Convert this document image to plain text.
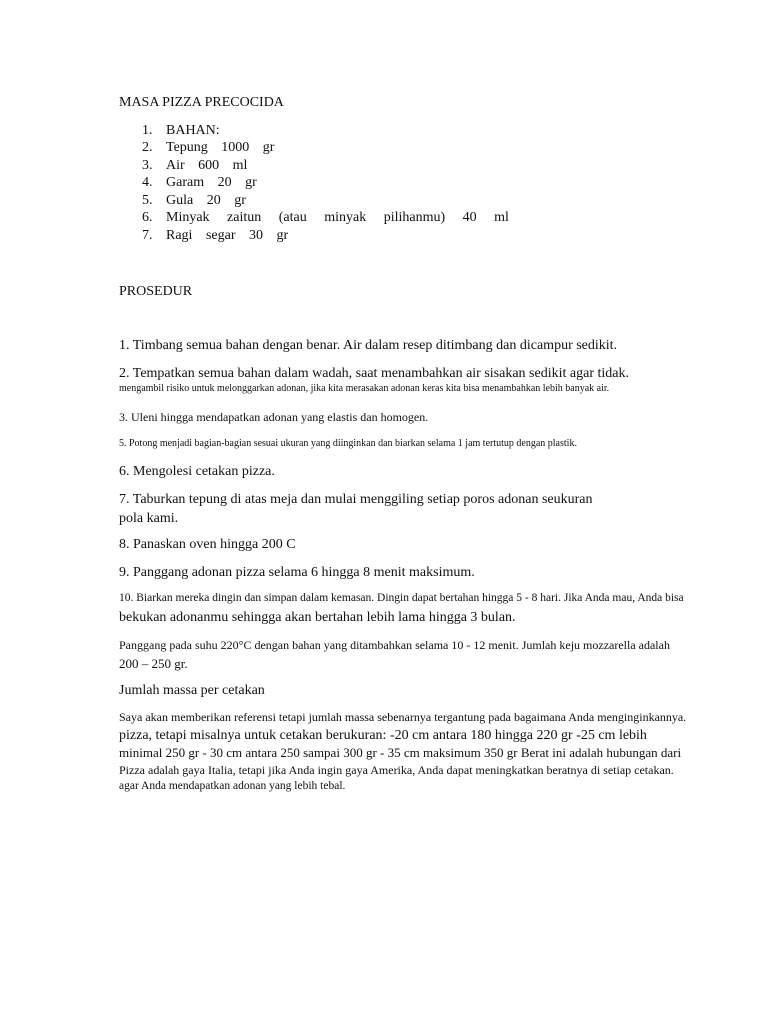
MASA PIZZA PRECOCIDA

1. BAHAN:

2. Tepung 1000 gr

3. Air 600 ml

4. Garam 20 gr

5. Gula 20 gr

6. Minyak zaitun (atau minyak pilihanmu) 40 ml

7. Ragi segar 30 gr

PROSEDUR

1. Timbang semua bahan dengan benar. Air dalam resep ditimbang dan dicampur sedikit.

2. Tempatkan semua bahan dalam wadah, saat menambahkan air sisakan sedikit agar tidak.

mengambil risiko untuk melonggarkan adonan, jika kita merasakan adonan keras kita bisa menambahkan lebih banyak air.

3. Uleni hingga mendapatkan adonan yang elastis dan homogen.

5. Potong menjadi bagian-bagian sesuai ukuran yang diinginkan dan biarkan selama 1 jam tertutup dengan plastik.

6. Mengolesi cetakan pizza.

7. Taburkan tepung di atas meja dan mulai menggiling setiap poros adonan seukuran

pola kami.

8. Panaskan oven hingga 200 C

9. Panggang adonan pizza selama 6 hingga 8 menit maksimum.

10. Biarkan mereka dingin dan simpan dalam kemasan. Dingin dapat bertahan hingga 5 - 8 hari. Jika Anda mau, Anda bisa

bekukan adonanmu sehingga akan bertahan lebih lama hingga 3 bulan.

Panggang pada suhu 220°C dengan bahan yang ditambahkan selama 10 - 12 menit. Jumlah keju mozzarella adalah

200 – 250 gr.

Jumlah massa per cetakan

Saya akan memberikan referensi tetapi jumlah massa sebenarnya tergantung pada bagaimana Anda menginginkannya.

pizza, tetapi misalnya untuk cetakan berukuran: -20 cm antara 180 hingga 220 gr -25 cm lebih

minimal 250 gr - 30 cm antara 250 sampai 300 gr - 35 cm maksimum 350 gr Berat ini adalah hubungan dari

Pizza adalah gaya Italia, tetapi jika Anda ingin gaya Amerika, Anda dapat meningkatkan beratnya di setiap cetakan.

agar Anda mendapatkan adonan yang lebih tebal.
